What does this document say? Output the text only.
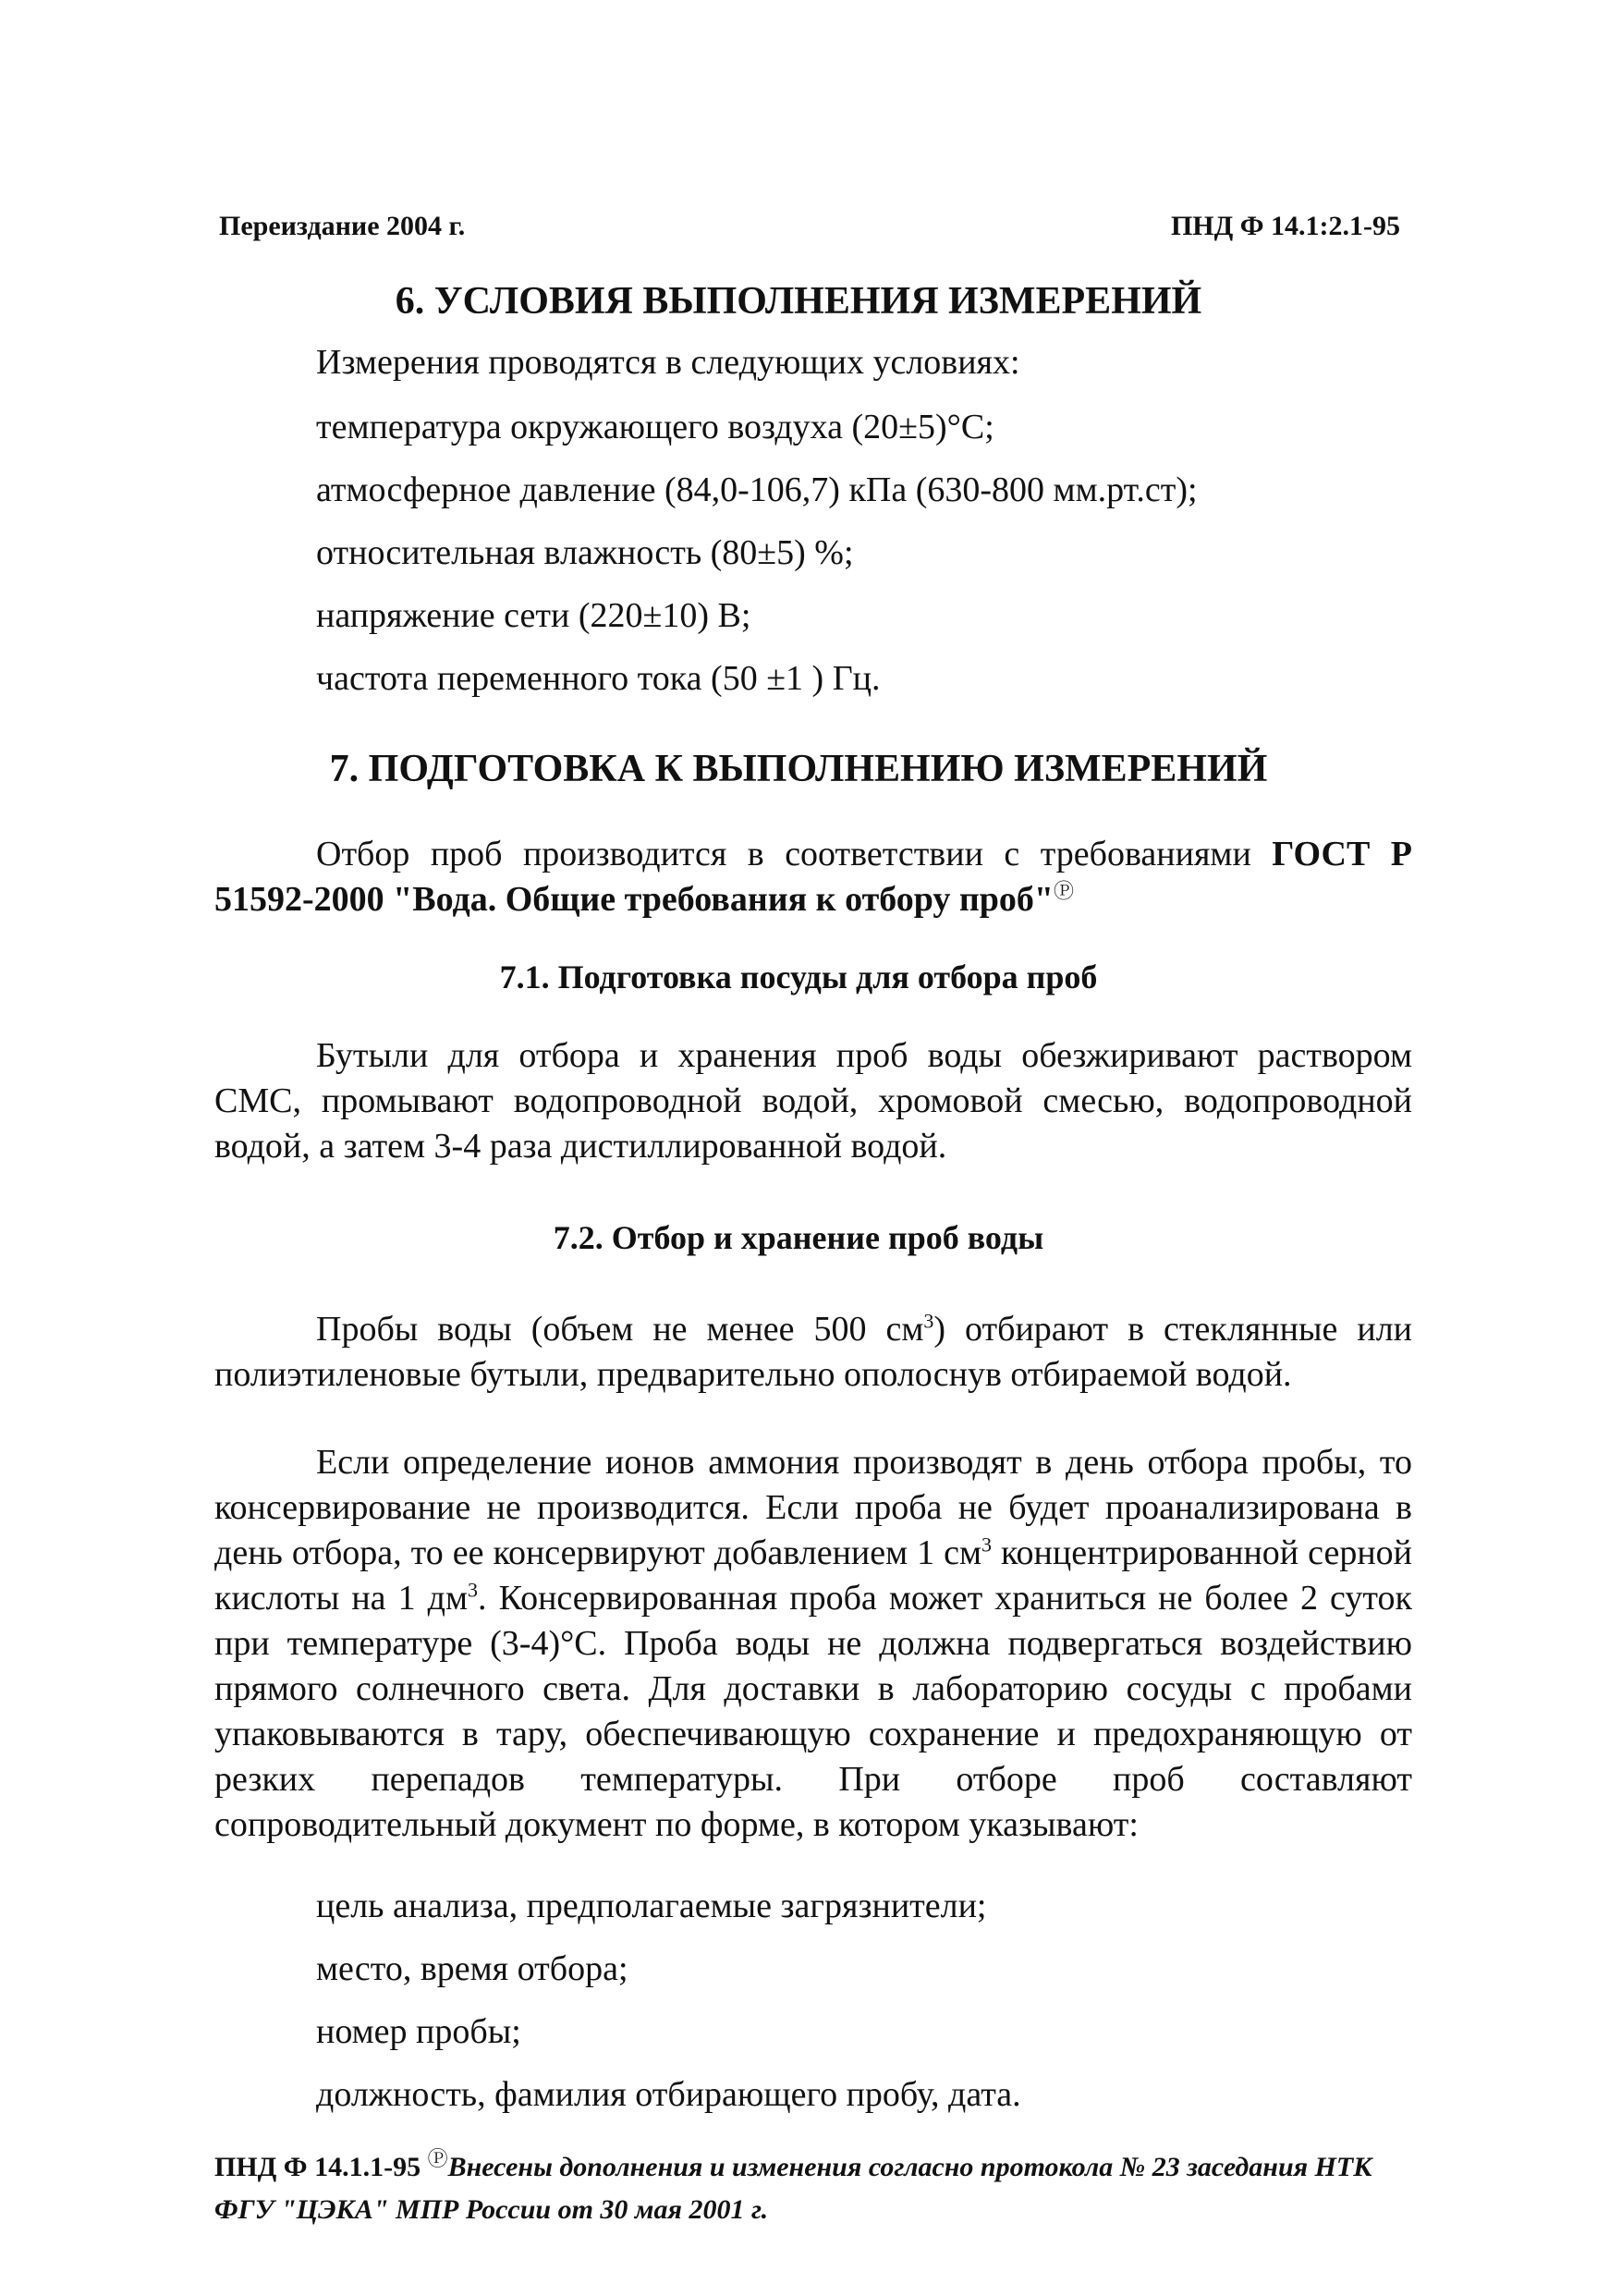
Переиздание 2004 г.	ПНД Ф 14.1:2.1-95
6. УСЛОВИЯ ВЫПОЛНЕНИЯ ИЗМЕРЕНИЙ
Измерения проводятся в следующих условиях:
температура окружающего воздуха (20±5)°С;
атмосферное давление (84,0-106,7) кПа (630-800 мм.рт.ст);
относительная влажность (80±5) %;
напряжение сети (220±10) В;
частота переменного тока (50 ±1 ) Гц.
7. ПОДГОТОВКА К ВЫПОЛНЕНИЮ ИЗМЕРЕНИЙ

Отбор проб производится в соответствии с требованиями ГОСТ Р 51592-2000 "Вода. Общие требования к отбору проб"Ⓟ

7.1. Подготовка посуды для отбора проб

Бутыли для отбора и хранения проб воды обезжиривают раствором СМС, промывают водопроводной водой, хромовой смесью, водопроводной водой, а затем 3-4 раза дистиллированной водой.

7.2. Отбор и хранение проб воды

Пробы воды (объем не менее 500 $см^3$) отбирают в стеклянные или полиэтиленовые бутыли, предварительно ополоснув отбираемой водой.

Если определение ионов аммония производят в день отбора пробы, то консервирование не производится. Если проба не будет проанализирована в день отбора, то ее консервируют добавлением 1 $см^3$ концентрированной серной кислоты на 1 $дм^3$. Консервированная проба может храниться не более 2 суток при температуре (3-4)°С. Проба воды не должна подвергаться воздействию прямого солнечного света. Для доставки в лабораторию сосуды с пробами упаковываются в тару, обеспечивающую сохранение и предохраняющую от резких перепадов температуры. При отборе проб составляют сопроводительный документ по форме, в котором указывают:

цель анализа, предполагаемые загрязнители;
место, время отбора;
номер пробы;
должность, фамилия отбирающего пробу, дата.
ПНД Ф 14.1.1-95 ⓅВнесены дополнения и изменения согласно протокола № 23 заседания НТК ФГУ "ЦЭКА" МПР России от 30 мая 2001 г.
